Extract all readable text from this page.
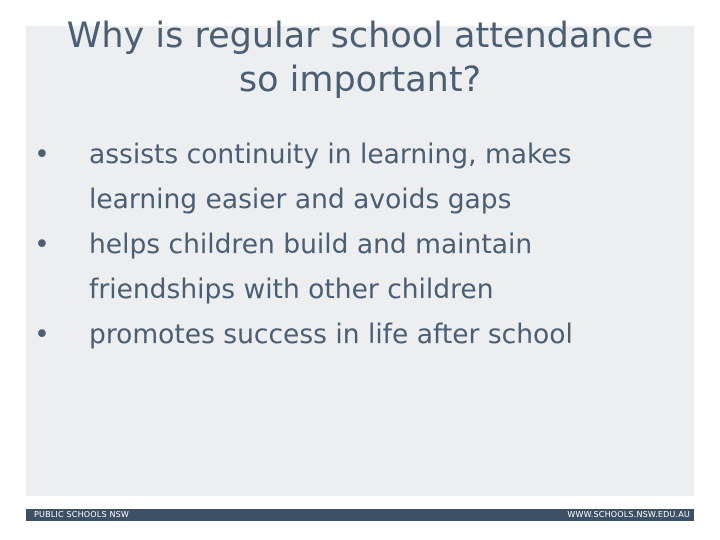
Why is regular school attendance
so important?
• assists continuity in learning, makes
learning easier and avoids gaps
• helps children build and maintain
friendships with other children
• promotes success in life after school
PUBLIC SCHOOLS NSW	WWW.SCHOOLS.NSW.EDU.AU
